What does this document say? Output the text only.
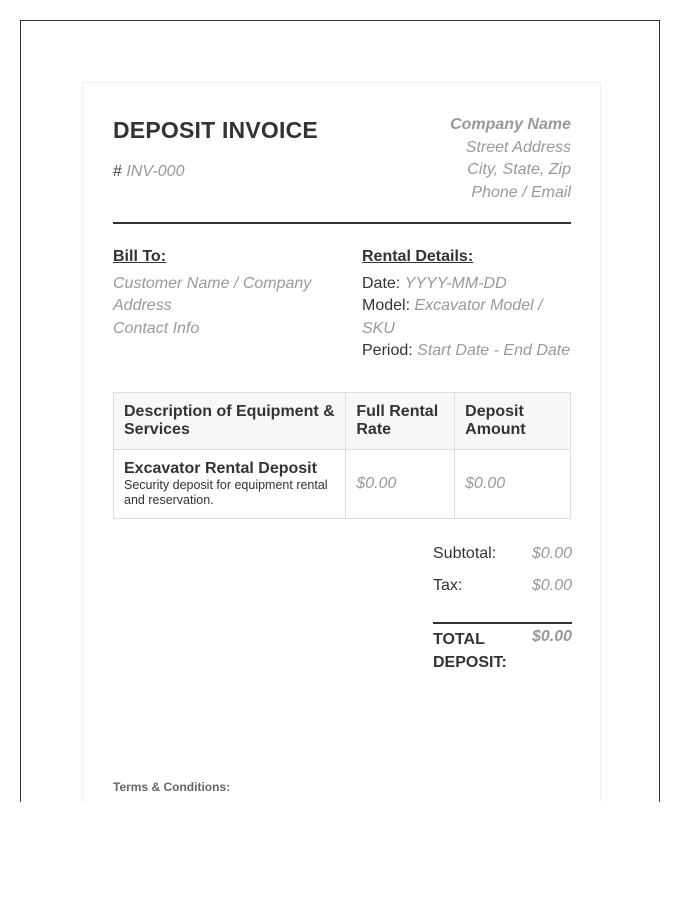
DEPOSIT INVOICE
# INV-000
Company Name
Street Address
City, State, Zip
Phone / Email
Bill To:
Customer Name / Company
Address
Contact Info
Rental Details:
Date: YYYY-MM-DD
Model: Excavator Model / SKU
Period: Start Date - End Date
Description of Equipment & Services	Full Rental Rate	Deposit Amount

Excavator Rental Deposit
Security deposit for equipment rental and reservation.	$0.00	$0.00
Subtotal: $0.00
Tax:	$0.00
TOTAL DEPOSIT:
$0.00
Terms & Conditions:
